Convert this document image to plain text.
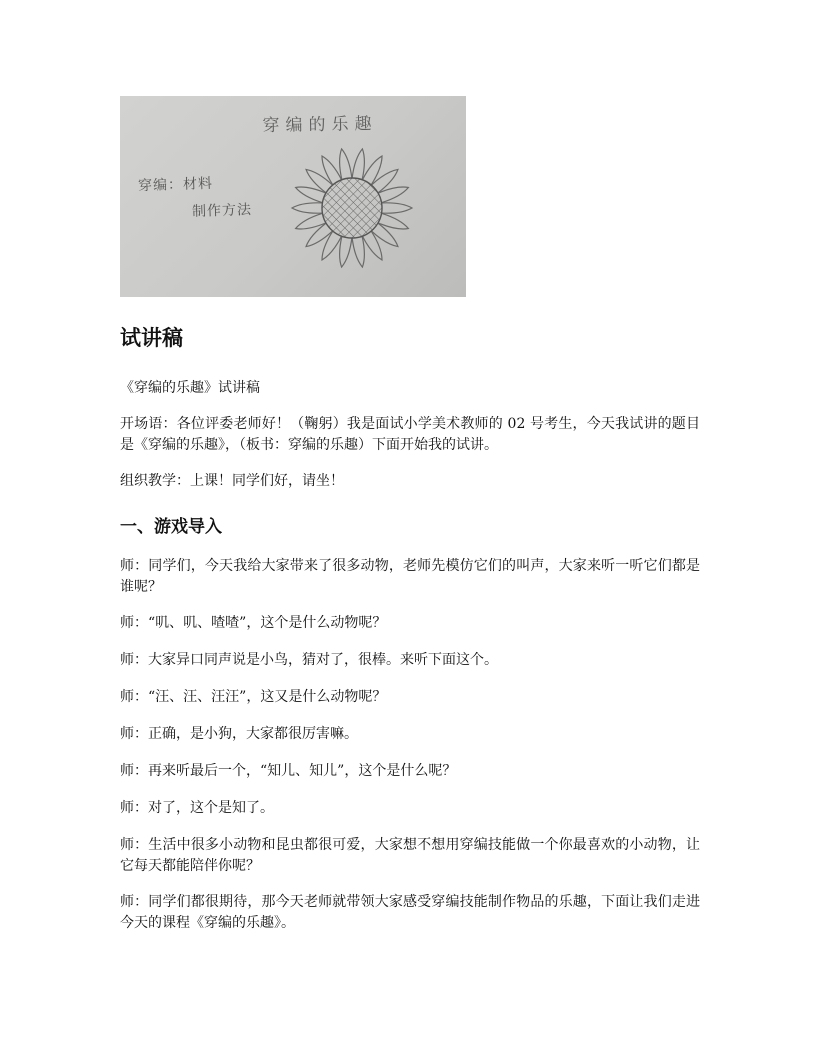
穿编的乐趣
穿编：材料
制作方法
试讲稿

《穿编的乐趣》试讲稿

开场语：各位评委老师好！（鞠躬）我是面试小学美术教师的 02 号考生，今天我试讲的题目是《穿编的乐趣》，（板书：穿编的乐趣）下面开始我的试讲。

组织教学：上课！同学们好，请坐！

一、游戏导入

师：同学们，今天我给大家带来了很多动物，老师先模仿它们的叫声，大家来听一听它们都是谁呢？

师：“叽、叽、喳喳”，这个是什么动物呢？

师：大家异口同声说是小鸟，猜对了，很棒。来听下面这个。

师：“汪、汪、汪汪”，这又是什么动物呢？

师：正确，是小狗，大家都很厉害嘛。

师：再来听最后一个，“知儿、知儿”，这个是什么呢？

师：对了，这个是知了。

师：生活中很多小动物和昆虫都很可爱，大家想不想用穿编技能做一个你最喜欢的小动物，让它每天都能陪伴你呢？

师：同学们都很期待，那今天老师就带领大家感受穿编技能制作物品的乐趣，下面让我们走进今天的课程《穿编的乐趣》。
